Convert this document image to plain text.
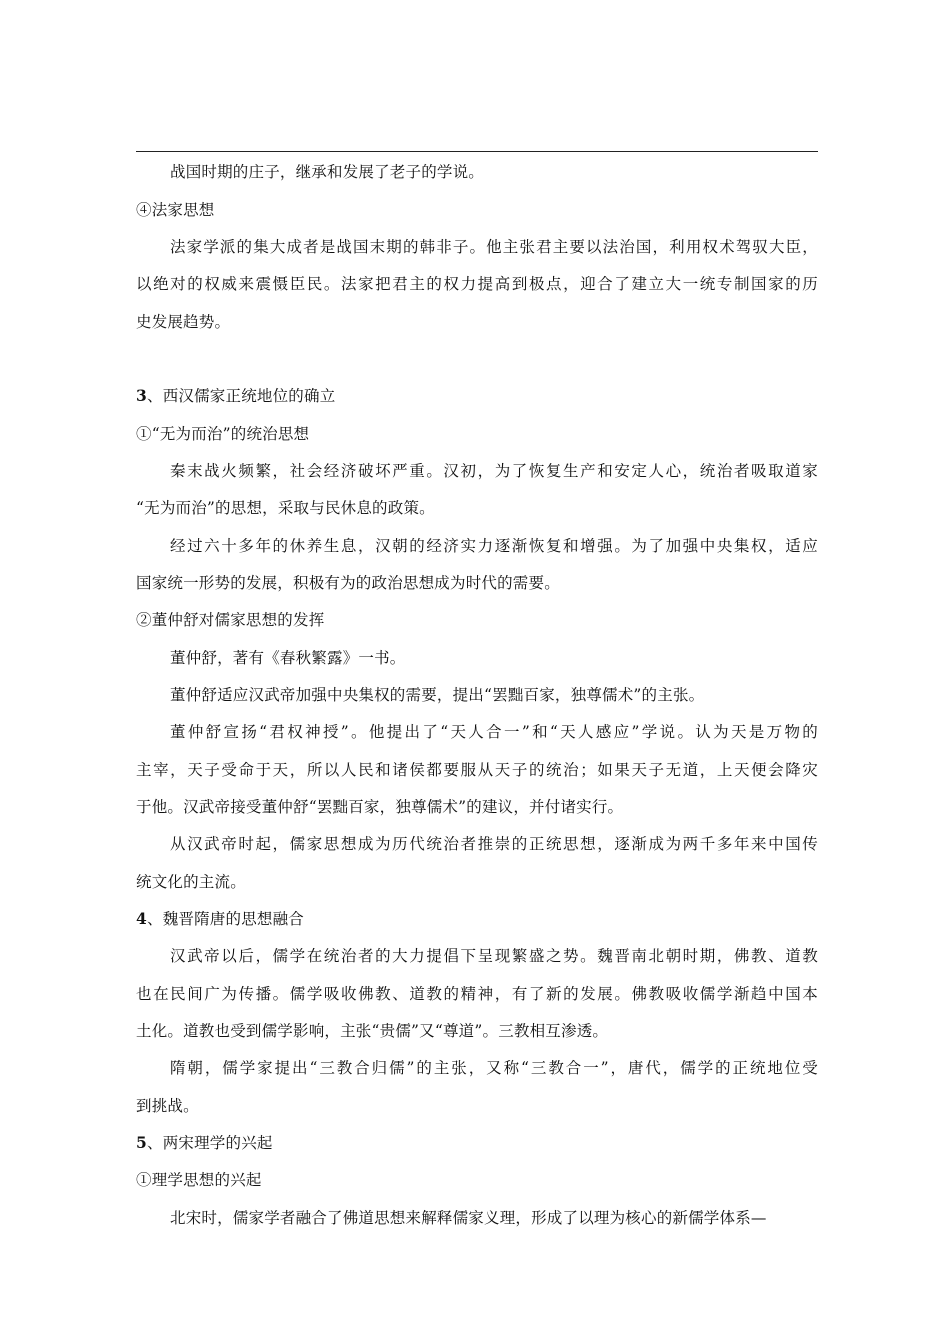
战国时期的庄子，继承和发展了老子的学说。
④法家思想
法家学派的集大成者是战国末期的韩非子。他主张君主要以法治国，利用权术驾驭大臣，
以绝对的权威来震慑臣民。法家把君主的权力提高到极点，迎合了建立大一统专制国家的历
史发展趋势。
3、西汉儒家正统地位的确立
①“无为而治”的统治思想
秦末战火频繁，社会经济破坏严重。汉初，为了恢复生产和安定人心，统治者吸取道家
“无为而治”的思想，采取与民休息的政策。
经过六十多年的休养生息，汉朝的经济实力逐渐恢复和增强。为了加强中央集权，适应
国家统一形势的发展，积极有为的政治思想成为时代的需要。
②董仲舒对儒家思想的发挥
董仲舒，著有《春秋繁露》一书。
董仲舒适应汉武帝加强中央集权的需要，提出“罢黜百家，独尊儒术”的主张。
董仲舒宣扬“君权神授”。他提出了“天人合一”和“天人感应”学说。认为天是万物的
主宰，天子受命于天，所以人民和诸侯都要服从天子的统治；如果天子无道，上天便会降灾
于他。汉武帝接受董仲舒“罢黜百家，独尊儒术”的建议，并付诸实行。
从汉武帝时起，儒家思想成为历代统治者推崇的正统思想，逐渐成为两千多年来中国传
统文化的主流。
4、魏晋隋唐的思想融合
汉武帝以后，儒学在统治者的大力提倡下呈现繁盛之势。魏晋南北朝时期，佛教、道教
也在民间广为传播。儒学吸收佛教、道教的精神，有了新的发展。佛教吸收儒学渐趋中国本
土化。道教也受到儒学影响，主张“贵儒”又“尊道”。三教相互渗透。
隋朝，儒学家提出“三教合归儒”的主张，又称“三教合一”，唐代，儒学的正统地位受
到挑战。
5、两宋理学的兴起
①理学思想的兴起
北宋时，儒家学者融合了佛道思想来解释儒家义理，形成了以理为核心的新儒学体系—
